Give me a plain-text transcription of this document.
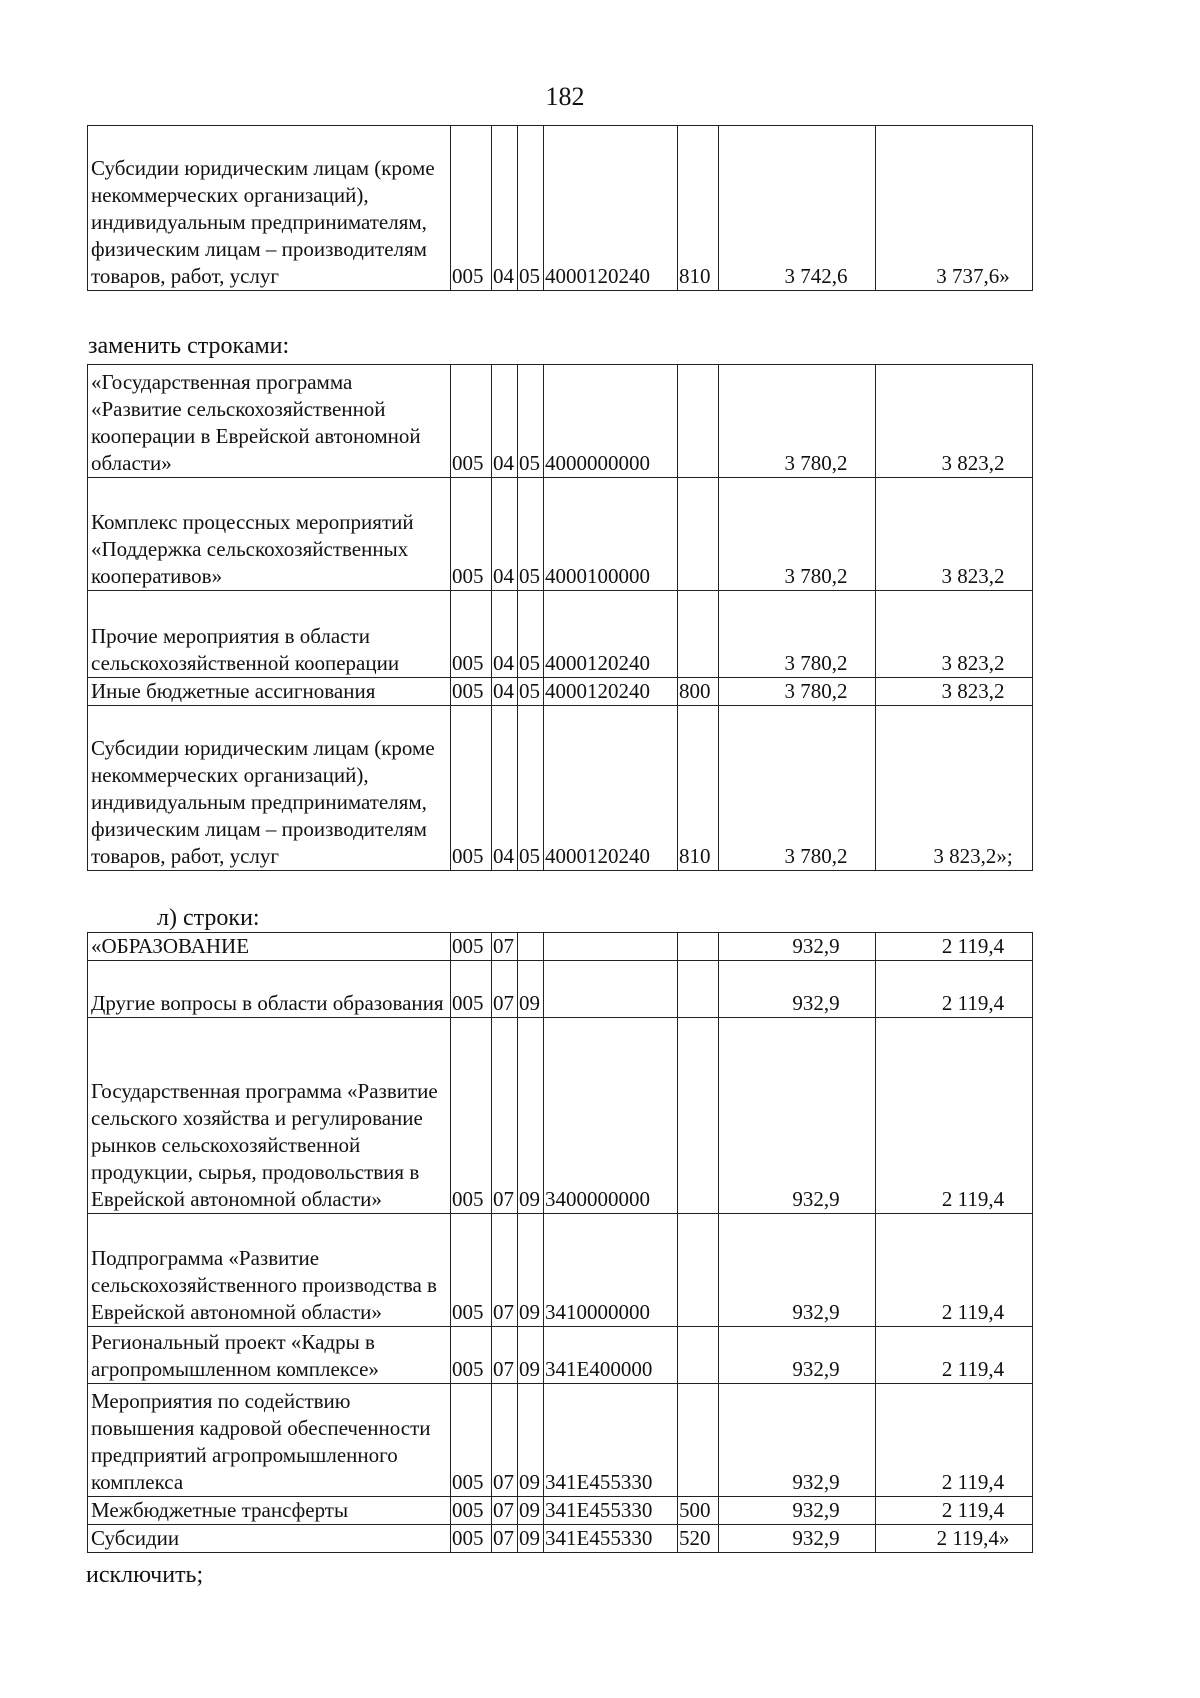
182
Субсидии юридическим лицам (кроме некоммерческих организаций), индивидуальным предпринимателям, физическим лицам – производителям товаров, работ, услуг	005	04	05	4000120240	810	3 742,6	3 737,6»
заменить строками:
«Государственная программа «Развитие сельскохозяйственной кооперации в Еврейской автономной области»	005	04	05	4000000000		3 780,2	3 823,2
Комплекс процессных мероприятий «Поддержка сельскохозяйственных кооперативов»	005	04	05	4000100000		3 780,2	3 823,2
Прочие мероприятия в области сельскохозяйственной кооперации	005	04	05	4000120240		3 780,2	3 823,2
Иные бюджетные ассигнования	005	04	05	4000120240	800	3 780,2	3 823,2
Субсидии юридическим лицам (кроме некоммерческих организаций), индивидуальным предпринимателям, физическим лицам – производителям товаров, работ, услуг	005	04	05	4000120240	810	3 780,2	3 823,2»;
л) строки:
«ОБРАЗОВАНИЕ	005	07				932,9	2 119,4
Другие вопросы в области образования	005	07	09			932,9	2 119,4
Государственная программа «Развитие сельского хозяйства и регулирование рынков сельскохозяйственной продукции, сырья, продовольствия в Еврейской автономной области»	005	07	09	3400000000		932,9	2 119,4
Подпрограмма «Развитие сельскохозяйственного производства в Еврейской автономной области»	005	07	09	3410000000		932,9	2 119,4
Региональный проект «Кадры в агропромышленном комплексе»	005	07	09	341E400000		932,9	2 119,4
Мероприятия по содействию повышения кадровой обеспеченности предприятий агропромышленного комплекса	005	07	09	341E455330		932,9	2 119,4
Межбюджетные трансферты	005	07	09	341E455330	500	932,9	2 119,4
Субсидии	005	07	09	341E455330	520	932,9	2 119,4»
исключить;
